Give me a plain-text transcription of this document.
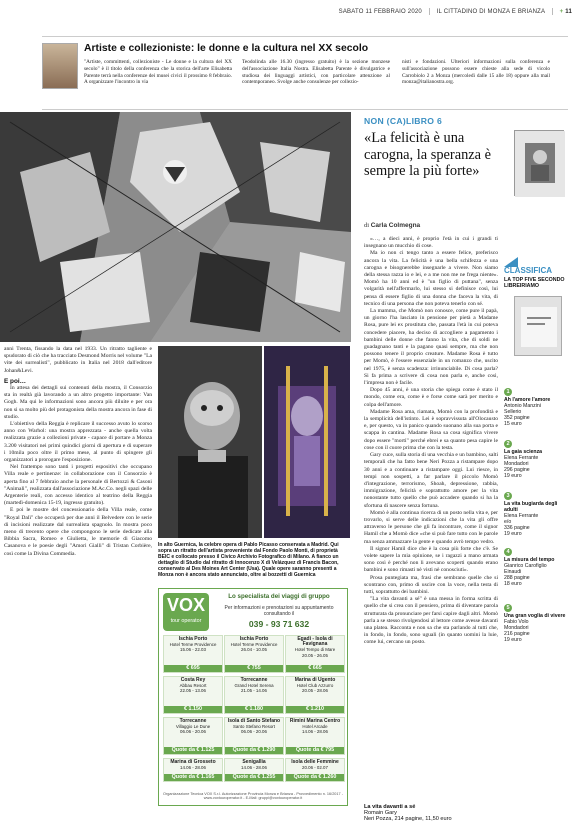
SABATO 11 FEBBRAIO 2020 IL CITTADINO DI MONZA E BRIANZA + 11
Artiste e collezioniste: le donne e la cultura nel XX secolo
"Artiste, committenti, collezioniste - Le donne e la cultura del XX secolo" è il titolo della conferenza che la storica dell'arte Elisabetta Parente terrà nella conferenze dei musei civici il prossimo 8 febbraio. A organizzare l'incontro in via
Teodolinda alle 16.30 (ingresso gratuito) è la sezione monzese dell'associazione Italia Nostra. Elisabetta Parente è divulgatrice e studiosa dei linguaggi artistici, con particolare attenzione al contemporaneo. Svolge anche consulenze per collezio-
nisti e fondazioni. Ulteriori informazioni sulla conferenza e sull'associazione possono essere chieste alla sede di vicolo Carrobiolo 2 a Monza (mercoledì dalle 15 alle 18) oppure alla mail monza@italianostra.org.
NON (CA)LIBRO 6
«La felicità è una carogna, la speranza è sempre la più forte»
di Carla Colmegna
CLASSIFICA
LA TOP FIVE SECONDO LIBREIRIAMO
1
Ah l'amore l'amore
Antonio Manzini
Sellerio
352 pagine
15 euro
2
La gaia scienza
Elena Ferrante
Mondadori
296 pagine
19 euro
3
La vita bugiarda degli adulti
Elena Ferrante
e/o
336 pagine
19 euro
4
La misura del tempo
Gianrico Carofiglio
Einaudi
288 pagine
18 euro
5
Una gran voglia di vivere
Fabio Volo
Mondadori
216 pagine
19 euro

«…, a dieci anni, è proprio l'età in cui i grandi ti insegnano un mucchio di cose.

Ma io non ci tengo tanto a essere felice, preferisco ancora la vita. La felicità è una bella schifezza e una carogna e bisognerebbe insegnarle a vivere. Non siamo della stessa razza io e lei, e a me non me ne frega niente». Momò ha 10 anni ed è "un figlio di puttana", senza volgarità nell'affermarlo, lui stesso si definisce così, lui pensa di essere figlio di una donna che faceva la vita, di tecnico di una persona che non poteva tenerlo con sé.

La mamma, che Momò non conosce, come pure il papà, un giorno l'ha lasciato in pensione per pietà a Madame Rosa, pure lei ex prostituta che, passata l'età in cui poteva concedere piacere, ha deciso di accogliere a pagamento i bambini delle donne che fanno la vita, che di soldi ne guadagnano tanti e la pagano quasi sempre, ma che non possono tenere il proprio creature. Madame Rosa è tutto per Momò, è l'essere essenziale in un romanzo che, uscito nel 1975, è senza scadenza: irrinunciabile. Di cosa parla? Si fa prima a scrivere di cosa non parla e, anche così, l'impresa non è facile.

Dopo 45 anni, è una storia che spiega come è stato il mondo, come era, come è e forse come sarà per merito e colpa dell'amore.

Madame Rosa ama, riamata, Momò con la profondità e la semplicità dell'istinto. Lei è sopravvissuta all'Olocausto e, per questo, va in panico quando suonano alla sua porta e scappa in cantina. Madame Rosa sa cosa significa vivere dopo essere "morti" perché ebrei e sa quanto pesa capire le cose con il cuore prima che con la testa.

Gary cuce, sulla storia di una vecchia e un bambino, salti temporali che ha fatto bene Neri Pozza a ristampare dopo 30 anni e a continuare a ristampare oggi. Lui riesce, in tempi non sospetti, a far parlare il piccolo Momò d'integrazione, terrorismo, Shoah, depressione, rabbia, immigrazione, felicità e soprattutto amore per la vita nonostante tutto quello che può accadere quando si ha la sfortuna di nascere senza fortuna.

Momò è alla continua ricerca di un posto nella vita e, per trovarlo, si serve delle indicazioni che la vita gli offre attraverso le persone che gli fa incontrare, come il signor Hamil che a Momò dice «che si può fare tutto con le parole ma senza ammazzare la gente e quando avrò tempo vedro.

Il signor Hamil dice che è la cosa più forte che c'è. Se volete sapere la mia opinione, se i ragazzi a mano armata sono così è perché non li avevano scoperti quando erano bambini e sono rimasti nè visti nè conosciuti».

Prosa puntegiata ma, frasi che sembrano quelle che si scontrano con, primo di uscire con la voce, nella testa di tutti, soprattutto dei bambini.

"La vita davanti a sé" è una messa in forma scritta di quello che si crea con il pensiero, prima di diventare parola strutturata da pronunciare per farsi capire dagli altri. Momò parla a se stesso rivolgendosi al lettore come avesse davanti una platea. Racconta e non sa che sta parlando al tutti che, in fondo, in fondo, sono uguali (in quanto uomini la luie, come lui, cercano un posto.

La vita davanti a sé
Romain Gary
Neri Pozza, 214 pagine, 11,50 euro

anni Trenta, fissando la data nel 1933. Un ritratto tagliente e spudorato di ciò che ha tracciato Desmond Morris nel volume "La vite dei surrealisti", pubblicato in Italia nel 2018 dall'editore Johan&Levi.

E poi…

In attesa dei dettagli sui contenuti della mostra, il Consorzio sta in realtà già lavorando a un altro progetto importante: Van Gogh. Ma qui le informazioni sono ancora più diluite e per ora non si sa molto più del protagonista della mostra ancora in fase di studio.

L'obiettivo della Reggia è replicare il successo avuto lo scorso anno con Warhol: una mostra apprezzata - anche quella volta realizzata grazie a collezioni private - capace di portare a Monza 3.200 visitatori nei primi quindici giorni di apertura e di superare i 10mila poco oltre il primo mese, al punto di spingere gli organizzatori a prorogare l'esposizione.

Nel frattempo sono tanti i progetti espositivi che occupano Villa reale e pertinenze: in collaborazione con il Consorzio è aperta fino al 7 febbraio anche la personale di Bertozzi & Casoni "Animali", realizzata dall'associazione M.Ac.Co. negli spazi delle Argenterie reali, con accesso identico al teatrino della Reggia (martedì-domenica 15-19, ingresso gratuito).

E poi le mostre del concessionario della Villa reale, come "Royal Dalì" che occuperà per due anni il Belvedere con le serie di incisioni realizzate dal surrealista spagnolo. In mostra poco meno di trecento opere che compongono le serie dedicate alla Bibbia Sacra, Romeo e Giulietta, le memorie di Giacomo Casanova e le poesie degli "Amori Gialli" di Tristan Corbière, così come la Divina Commedia.

In alto Guernica, la celebre opera di Pablo Picasso conservata a Madrid. Qui sopra un ritratto dell'artista proveniente dal Fondo Paolo Monti, di proprietà BEIC e collocato presso il Civico Archivio Fotografico di Milano. A fianco un dettaglio di Studio dal ritratto di Innocenzo X di Velázquez di Francis Bacon, conservato al Des Moines Art Center (Usa). Quale opere saranno presenti a Monza non è ancora stato annunciato, oltre ai bozzetti di Guernica
VOX
tour operator
Lo specialista dei viaggi di gruppo
Per informazioni e prenotazioni su appuntamento consultando il
039 - 93 71 632
Ischia Porto
Hotel Terme Providence
15.06 - 22.03
€ 695
Ischia Porto
Hotel Terme Providence
26.04 - 10.05
€ 755
Egadi - Isola di Favignana
Hotel Tempo di Mare
20.05 - 26.05
€ 665
Costa Rey
Abbau Resort
22.05 - 13.06
€ 1.150
Torrecanne
Grand Hotel Serena
21.05 - 14.06
€ 1.180
Marina di Ugento
Hotel Club Azzurro
20.05 - 28.06
€ 1.210
Torrecanne
Villaggio Le Dune
06.06 - 20.06
Quote da € 1.125
Isola di Santo Stefano
Santo Stefano Resort
06.06 - 20.06
Quote da € 1.290
Rimini Marina Centro
Hotel Arcade
14.06 - 28.06
Quote da € 795
Marina di Grosseto
14.06 - 28.06
Quote da € 1.165
Senigallia
14.06 - 28.06
Quote da € 1.255
Isola delle Femmine
20.06 - 02.07
Quote da € 1.260
Organizzazione Tecnica VOX S.r.l. Autorizzazione Provincia Monza e Brianza - Provvedimento n. 16/2017 - www.voxtouroperator.it - E-Mail: gruppi@voxtouroperator.it
